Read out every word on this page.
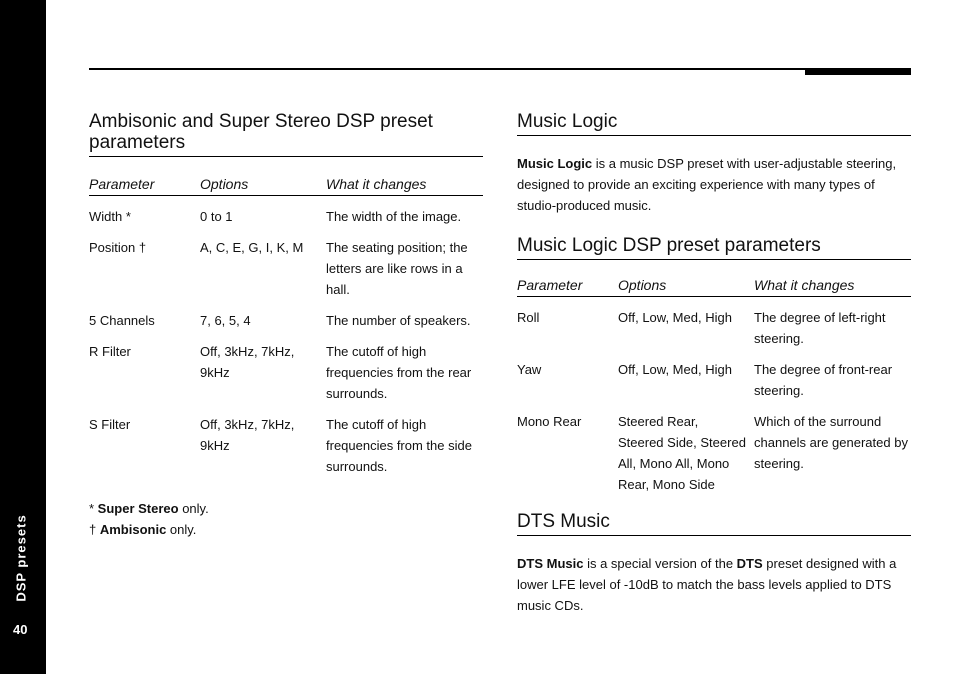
DSP presets
40
Ambisonic and Super Stereo DSP preset parameters
Parameter	Options	What it changes
Width *	0 to 1	The width of the image.
Position †	A, C, E, G, I, K, M	The seating position; the letters are like rows in a hall.
5 Channels	7, 6, 5, 4	The number of speakers.
R Filter	Off, 3kHz, 7kHz, 9kHz	The cutoff of high frequencies from the rear surrounds.
S Filter	Off, 3kHz, 7kHz, 9kHz	The cutoff of high frequencies from the side surrounds.
* Super Stereo only.
† Ambisonic only.
Music Logic

Music Logic is a music DSP preset with user-adjustable steering, designed to provide an exciting experience with many types of studio-produced music.

Music Logic DSP preset parameters
Parameter	Options	What it changes
Roll	Off, Low, Med, High	The degree of left-right steering.
Yaw	Off, Low, Med, High	The degree of front-rear steering.
Mono Rear	Steered Rear, Steered Side, Steered All, Mono All, Mono Rear, Mono Side	Which of the surround channels are generated by steering.
DTS Music

DTS Music is a special version of the DTS preset designed with a lower LFE level of -10dB to match the bass levels applied to DTS music CDs.
